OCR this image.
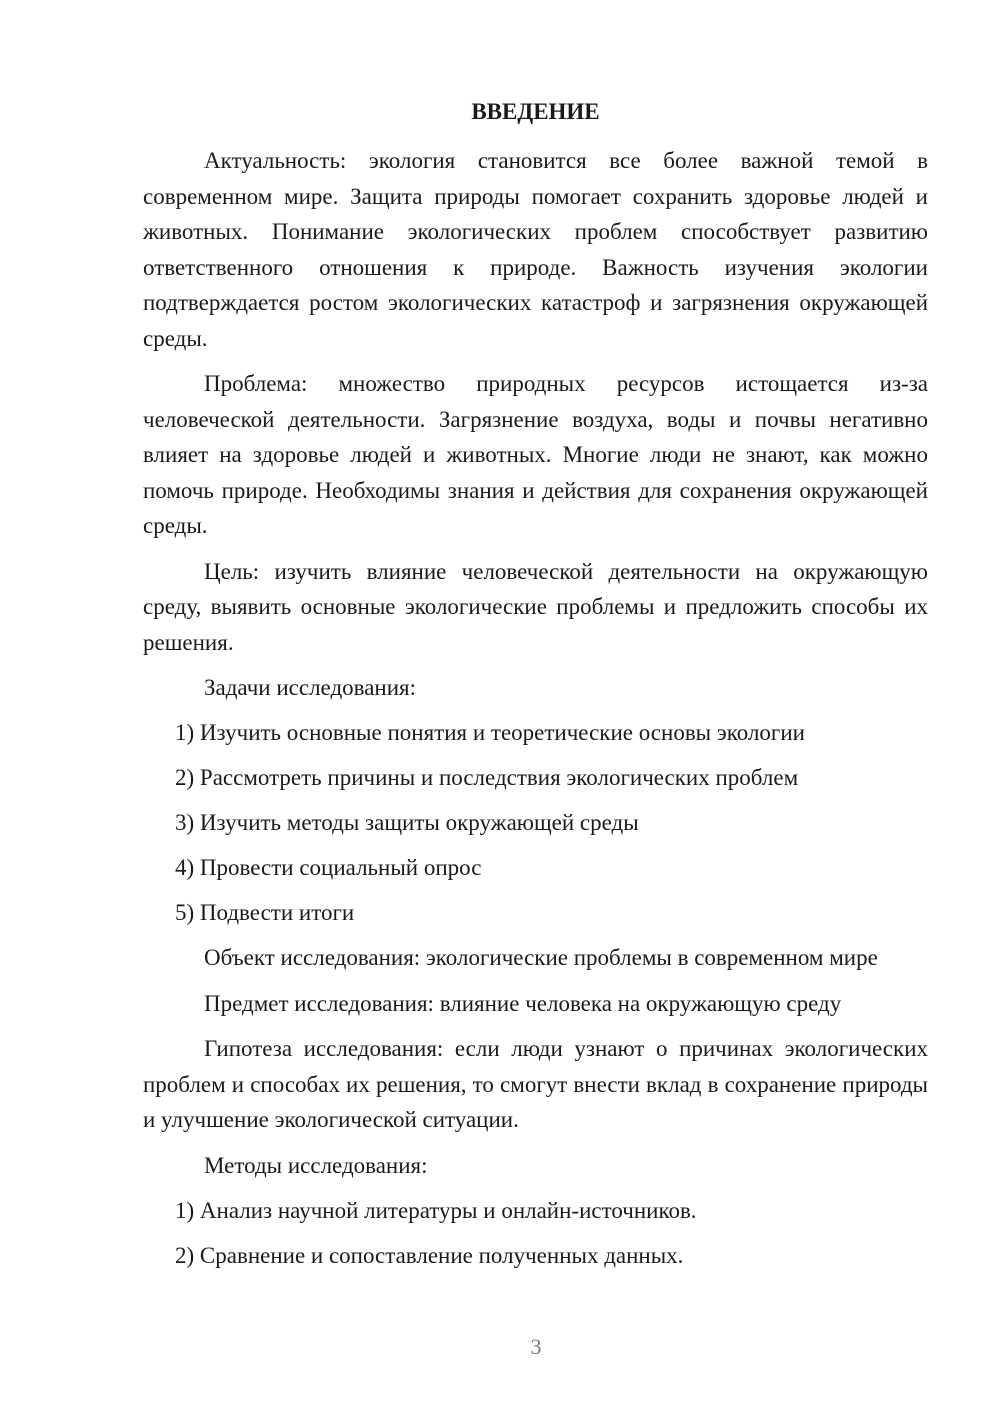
ВВЕДЕНИЕ

Актуальность: экология становится все более важной темой в современном мире. Защита природы помогает сохранить здоровье людей и животных. Понимание экологических проблем способствует развитию ответственного отношения к природе. Важность изучения экологии подтверждается ростом экологических катастроф и загрязнения окружающей среды.

Проблема: множество природных ресурсов истощается из-за человеческой деятельности. Загрязнение воздуха, воды и почвы негативно влияет на здоровье людей и животных. Многие люди не знают, как можно помочь природе. Необходимы знания и действия для сохранения окружающей среды.

Цель: изучить влияние человеческой деятельности на окружающую среду, выявить основные экологические проблемы и предложить способы их решения.

Задачи исследования:

1) Изучить основные понятия и теоретические основы экологии
2) Рассмотреть причины и последствия экологических проблем
3) Изучить методы защиты окружающей среды
4) Провести социальный опрос
5) Подвести итоги

Объект исследования: экологические проблемы в современном мире

Предмет исследования: влияние человека на окружающую среду

Гипотеза исследования: если люди узнают о причинах экологических проблем и способах их решения, то смогут внести вклад в сохранение природы и улучшение экологической ситуации.

Методы исследования:

1) Анализ научной литературы и онлайн-источников.
2) Сравнение и сопоставление полученных данных.
3
